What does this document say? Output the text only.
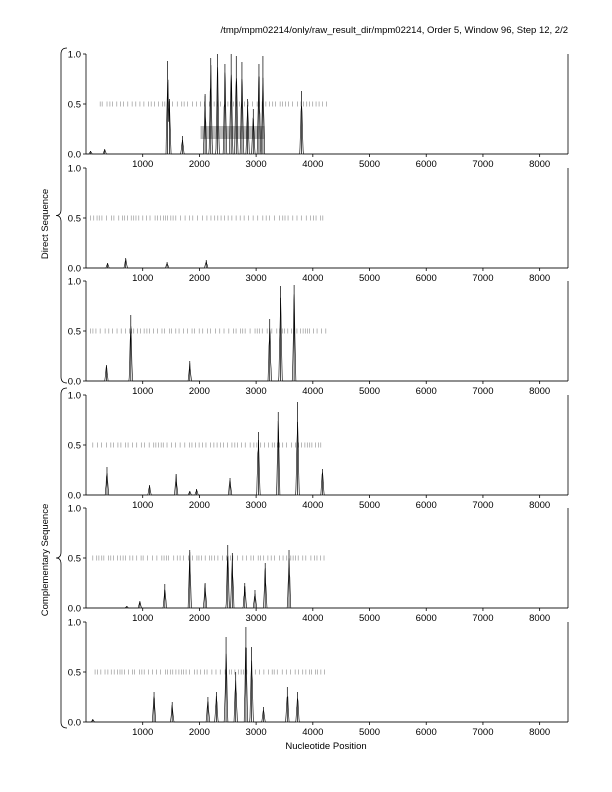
/tmp/mpm02214/only/raw_result_dir/mpm02214, Order 5, Window 96, Step 12, 2/2
0.0
0.5
1.0
1000	2000	3000	4000	5000	6000	7000	8000
0.0
0.5
1.0
1000	2000	3000	4000	5000	6000	7000	8000
0.0
0.5
1.0
1000	2000	3000	4000	5000	6000	7000	8000
0.0
0.5
1.0
1000	2000	3000	4000	5000	6000	7000	8000
0.0
0.5
1.0
1000	2000	3000	4000	5000	6000	7000	8000
0.0
0.5
1.0
1000	2000	3000	4000	5000	6000	7000	8000
Direct Sequence
Complementary Sequence
Nucleotide Position
